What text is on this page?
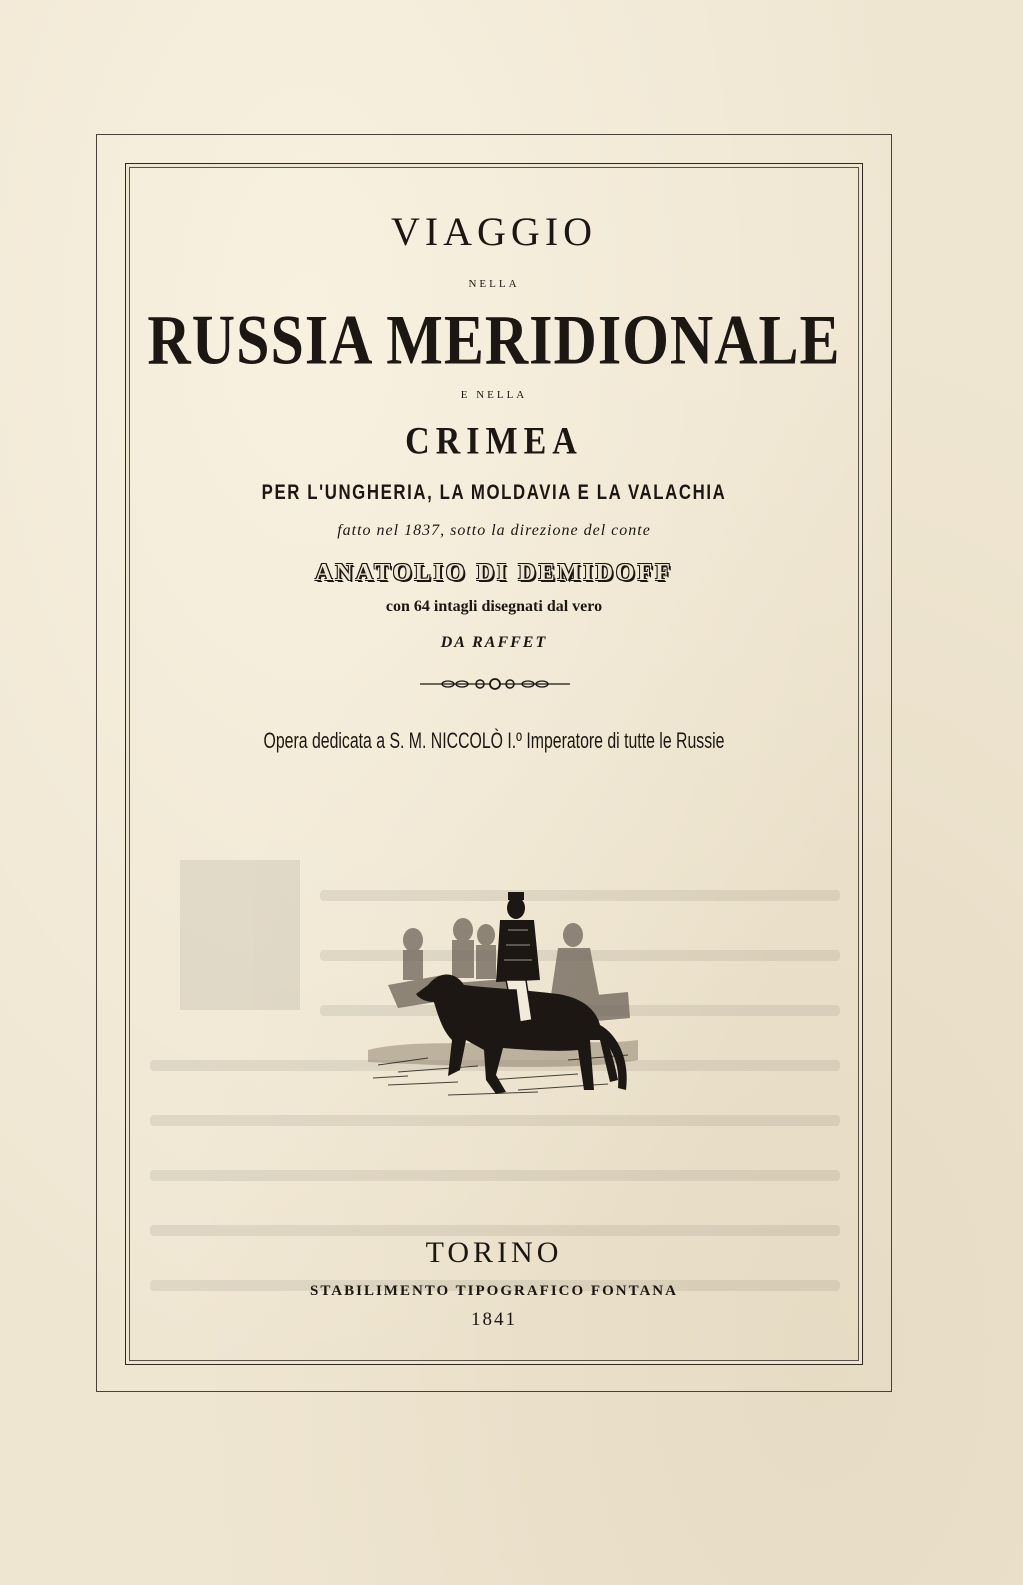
VIAGGIO
NELLA
RUSSIA MERIDIONALE
E NELLA
CRIMEA
PER L'UNGHERIA, LA MOLDAVIA E LA VALACHIA
fatto nel 1837, sotto la direzione del conte
ANATOLIO DI DEMIDOFF
con 64 intagli disegnati dal vero
DA RAFFET
Opera dedicata a S. M. NICCOLÒ I.º Imperatore di tutte le Russie
TORINO
STABILIMENTO TIPOGRAFICO FONTANA
1841
